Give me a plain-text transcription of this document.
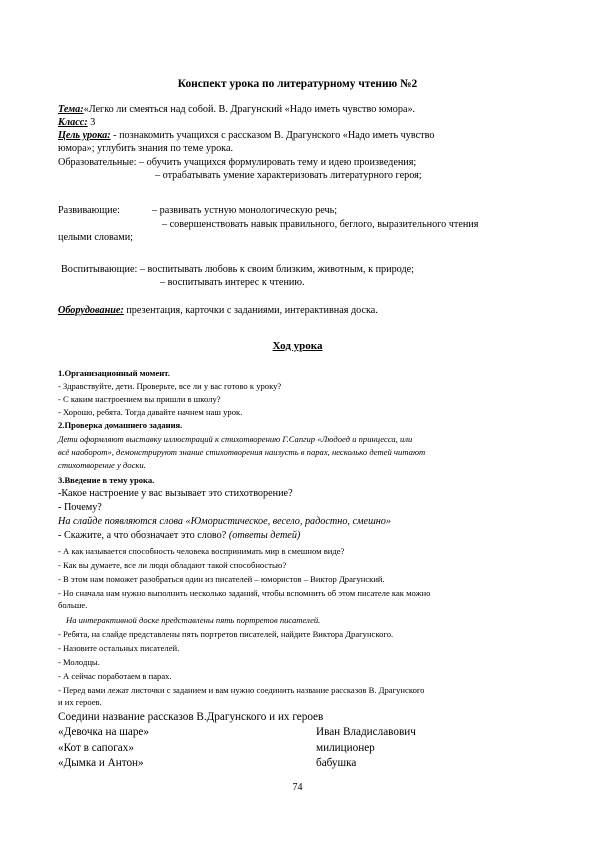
Конспект урока по литературному чтению №2
Тема:«Легко ли смеяться над собой. В. Драгунский «Надо иметь чувство юмора».
Класс: 3
Цель урока: - познакомить учащихся с рассказом В. Драгунского «Надо иметь чувство
юмора»; углубить знания по теме урока.
Образовательные: – обучить учащихся формулировать тему и идею произведения;
– отрабатывать умение характеризовать литературного героя;
Развивающие:	– развивать устную монологическую речь;
– совершенствовать навык правильного, беглого, выразительного чтения
целыми словами;
Воспитывающие: – воспитывать любовь к своим близким, животным, к природе;
– воспитывать интерес к чтению.
Оборудование: презентация, карточки с заданиями, интерактивная доска.
Ход урока
1.Организационный момент.
- Здравствуйте, дети. Проверьте, все ли у вас готово к уроку?
- С каким настроением вы пришли в школу?
- Хорошо, ребята. Тогда давайте начнем наш урок.
2.Проверка домашнего задания.
Дети оформляют выставку иллюстраций к стихотворению Г.Сапгир «Людоед и принцесса, или
всё наоборот», демонстрируют знание стихотворения наизусть в парах, несколько детей читают
стихотворение у доски.
3.Введение в тему урока.
-Какое настроение у вас вызывает это стихотворение?
- Почему?
На слайде появляются слова «Юмористическое, весело, радостно, смешно»
- Скажите, а что обозначает это слово? (ответы детей)
- А как называется способность человека воспринимать мир в смешном виде?
- Как вы думаете, все ли люди обладают такой способностью?
- В этом нам поможет разобраться один из писателей – юмористов – Виктор Драгунский.
- Но сначала нам нужно выполнить несколько заданий, чтобы вспомнить об этом писателе как можно
больше.
На интерактивной доске представлены пять портретов писателей.
- Ребята, на слайде представлены пять портретов писателей, найдите Виктора Драгунского.
- Назовите остальных писателей.
- Молодцы.
- А сейчас поработаем в парах.
- Перед вами лежат листочки с заданием и вам нужно соединить название рассказов В. Драгунского
и их героев.
Соедини название рассказов В.Драгунского и их героев
«Девочка на шаре»
«Кот в сапогах»
«Дымка и Антон»
Иван Владиславович
милиционер
бабушка
74
